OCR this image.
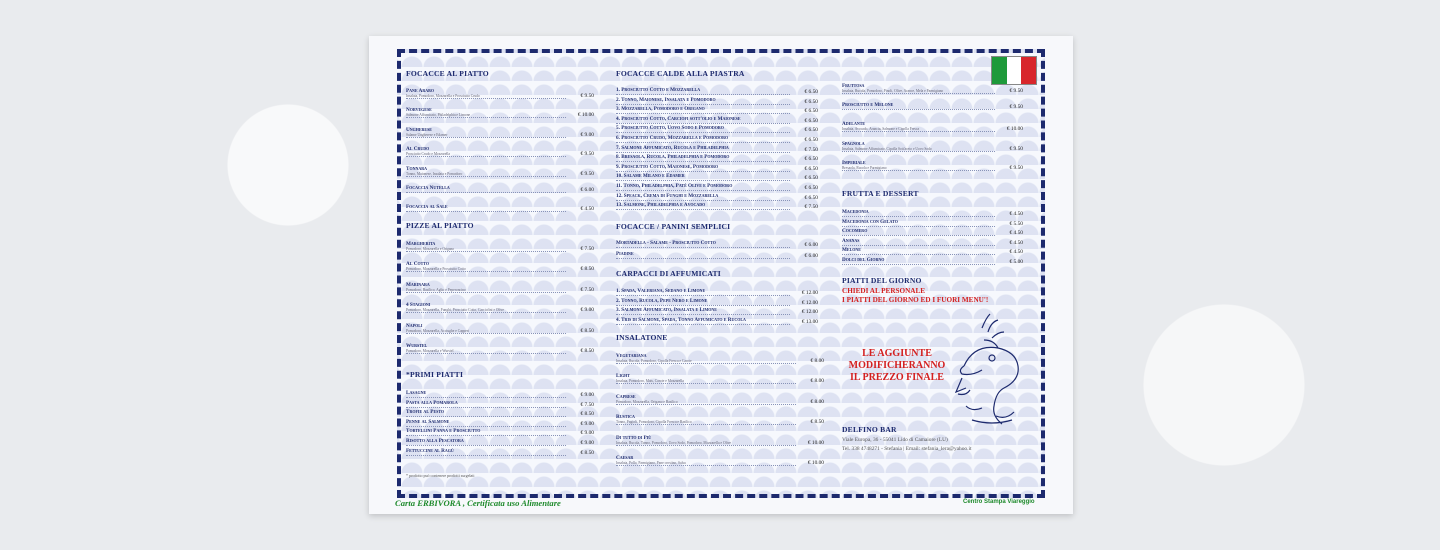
Carta ERBIVORA , Certificata uso Alimentare	Centro Stampa Viareggio
FOCACCE AL PIATTO
Pane Arabo
Insalata, Pomodoro, Mozzarella e Prosciutto Crudo	€ 9.50
Norvegese
Salmone Affumicato, Philadelphia e Limone	€ 10.00
Ungherese
Salame Ungherese e Edamer	€ 9.00
Al Crudo
Prosciutto Crudo e Mozzarella	€ 9.50
Tonnara
Tonno, Maionese, Insalata e Pomodoro	€ 9.50
Focaccia Nutella	€ 6.00
Focaccia al Sale	€ 4.50
PIZZE AL PIATTO
Margherita
Pomodoro, Mozzarella e Origano	€ 7.50
Al Cotto
Pomodoro, Mozzarella e Prosciutto Cotto	€ 8.50
Marinara
Pomodoro, Basilico, Aglio e Peperoncino	€ 7.50
4 Stagioni
Pomodoro, Mozzarella, Funghi, Prosciutto Cotto, Carciofini e Olive	€ 9.00
Napoli
Pomodoro, Mozzarella, Acciughe e Capperi	€ 8.50
Wurstel
Pomodoro, Mozzarella e Wurstel	€ 8.50
*PRIMI PIATTI
Lasagne	€ 9.00
Pasta alla Pomarola	€ 7.50
Trofie al Pesto	€ 8.50
Penne al Salmone	€ 9.00
Tortellini Panna e Prosciutto	€ 9.00
Risotto alla Pescatora	€ 9.00
Fettuccine al Ragù	€ 8.50
* prodotto può contenere prodotti surgelati
FOCACCE CALDE ALLA PIASTRA
1. Prosciutto Cotto e Mozzarella	€ 6.50
2. Tonno, Maionese, Insalata e Pomodoro	€ 6.50
3. Mozzarella, Pomodoro e Origano	€ 6.50
4. Prosciutto Cotto, Carciofi sott'olio e Maionese	€ 6.50
5. Prosciutto Cotto, Uovo Sodo e Pomodoro	€ 6.50
6. Prosciutto Crudo, Mozzarella e Pomodoro	€ 6.50
7. Salmone Affumicato, Rucola e Philadelphia	€ 7.50
8. Bresaola, Rucola, Philadelphia e Pomodoro	€ 6.50
9. Prosciutto Cotto, Maionese, Pomodoro	€ 6.50
10. Salame Milano e Edamer	€ 6.50
11. Tonno, Philadelphia, Paté Olive e Pomodoro	€ 6.50
12. Speack, Crema di Funghi e Mozzarella	€ 6.50
13. Salmone, Philadelphia e Avocado	€ 7.50
FOCACCE / PANINI SEMPLICI
Mortadella - Salame - Prosciutto Cotto	€ 6.00
Piadine	€ 6.00
CARPACCI DI AFFUMICATI
1. Spada, Valeriana, Sedano e Limone	€ 12.00
2. Tonno, Rucola, Pepe Nero e Limone	€ 12.00
3. Salmone Affumicato, Insalata e Limone	€ 12.00
4. Tris di Salmone, Spada, Tonno Affumicato e Rucola	€ 13.00
INSALATONE
Vegetariana
Insalata, Rucola, Pomodoro, Cipolla Fresca e Carote	€ 8.00
Light
Insalata, Pomodoro, Mais, Carote e Mozzarella	€ 8.00
Caprese
Pomodoro, Mozzarella, Origano e Basilico	€ 8.00
Rustica
Tonno, Fagioli, Pomodoro, Cipolla Fresca e Basilico	€ 8.50
Di tutto di Più
Insalata, Rucola, Tonno, Pomodoro, Uovo Sodo, Pomodoro, Mozzarella e Olive	€ 10.00
Caesar
Insalata, Pollo, Parmigiano, Pane crostino, Salsa	€ 10.00
Fruttosa
Insalata, Rucola, Pomodoro, Pinoli, Olive, Arance, Mela e Parmigiano	€ 9.50
Prosciutto e Melone	€ 9.50
Adelante
Insalata, Avocado, Arancia, Salmone e Cipolla Fresca	€ 10.00
Spagnola
Insalata, Salmone Affumicato, Cipolla Sott'aceto e Uovo Sodo	€ 9.50
Imperiale
Bresaola, Rucola e Parmigiano	€ 9.50
FRUTTA E DESSERT
Macedonia	€ 4.50
Macedonia con Gelato	€ 5.50
Cocomero	€ 4.50
Ananas	€ 4.50
Melone	€ 4.50
Dolci del Giorno	€ 5.00
PIATTI DEL GIORNO
CHIEDI AL PERSONALE
I PIATTI DEL GIORNO ED I FUORI MENU'!
LE AGGIUNTE
MODIFICHERANNO
IL PREZZO FINALE
DELFINO BAR
Viale Europa, 36 - 55041 Lido di Camaiore (LU)
Tel. 338 4748271 - Stefania | Email: stefania_lera@yahoo.it
